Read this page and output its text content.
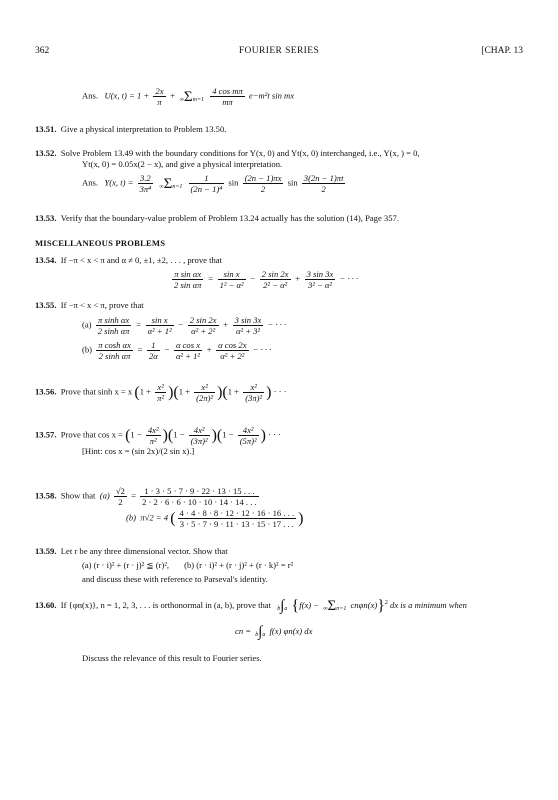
362	FOURIER SERIES	[CHAP. 13
Ans. U(x, $t) = 1 + \frac{2x}{\pi} + \infty\Sigma m=1 \frac{\text{4 cos mπ}}{m\pi} e-m^2t$ sin mx
13.51. Give a physical interpretation to Problem 13.50.
13.52. Solve Problem 13.49 with the boundary conditions for Y(x, 0) and Yt(x, 0) interchanged, i.e., Y(x, ) = 0,
Yt(x, 0) = 0.05x(2 − x), and give a physical interpretation.
Ans. Y(x, $t) = \frac{3.2}{\text{3π⁴}} \infty\Sigma n=1 \frac{1}{\text{(2n − 1)⁴}}$ $\sin \frac{(2n - 1)\pi x}{2}$ $\sin \frac{3(2n - 1)\pi t}{2}$
13.53. Verify that the boundary-value problem of Problem 13.24 actually has the solution (14), Page 357.
MISCELLANEOUS PROBLEMS
13.54. If −π < x < π and α ≠ 0, ±1, ±2, . . . , prove that
$\frac{\text{π sin αx}}{\text{2 sin απ}} = \frac{\text{sin x}}{\text{1² − α²}} - \frac{2 \sin 2x}{\text{2² − α²}} + \frac{3 \sin 3x}{\text{3² − α²}}$ − · · ·
13.55. If −π < x < π, prove that
$(a) \frac{\text{π sinh αx}}{\text{2 sinh απ}} = \frac{\text{sin x}}{\text{α² + 1²}} - \frac{2 \sin 2x}{\text{α² + 2²}} + \frac{3 \sin 3x}{\text{α² + 3²}}$ − · · ·
$(b) \frac{\text{π cosh αx}}{\text{2 sinh απ}} = \frac{1}{2\alpha} - \frac{\text{α cos x}}{\text{α² + 1²}} + \frac{\text{α cos 2x}}{\text{α² + 2²}}$ − · · ·
13.56. Prove that sinh x = x $(1 + \frac{\text{x²}}{\text{π²}} )(1 + \frac{\text{x²}}{\text{(2π)²}} )(1 + \frac{\text{x²}}{\text{(3π)²}}$ ) · · ·
13.57. Prove that $\cos x = (1 - \frac{\text{4x²}}{\text{π²}} )(1 - \frac{\text{4x²}}{\text{(3π)²}} )(1 - \frac{\text{4x²}}{\text{(5π)²}}$ ) · · ·
[Hint: cos x = (sin 2x)/(2 sin x).]
13.58. Show that $(a) \frac{√2}{2} = \frac{1 \cdot 3 \cdot 5 \cdot 7 \cdot 9 \cdot 22 \cdot 13 \cdot 15 . . .}{2 \cdot 2 \cdot 6 \cdot 6 \cdot 10 \cdot 10 \cdot 14 \cdot 14 . . .}$
(b) π√2 = 4 ( $\frac{4 \cdot 4 \cdot 8 \cdot 8 \cdot 12 \cdot 12 \cdot 16 \cdot 16 . . .}{3 \cdot 5 \cdot 7 \cdot 9 \cdot 11 \cdot 13 \cdot 15 \cdot 17 . . .}$ )
13.59. Let r be any three dimensional vector. Show that
(a) (r · i)² + (r · j)² ≦ (r)², (b) (r · i)² + (r · j)² + (r · k)² = r²
and discuss these with reference to Parseval's identity.
13.60. If {φn(x)}, n = 1, 2, 3, . . . is orthonormal in (a, b), prove that b∫a {f(x) − ∞Σn=1 cnφn(x)}$^2$ dx is a minimum when
cn = b∫a f(x) φn(x) dx
Discuss the relevance of this result to Fourier series.
